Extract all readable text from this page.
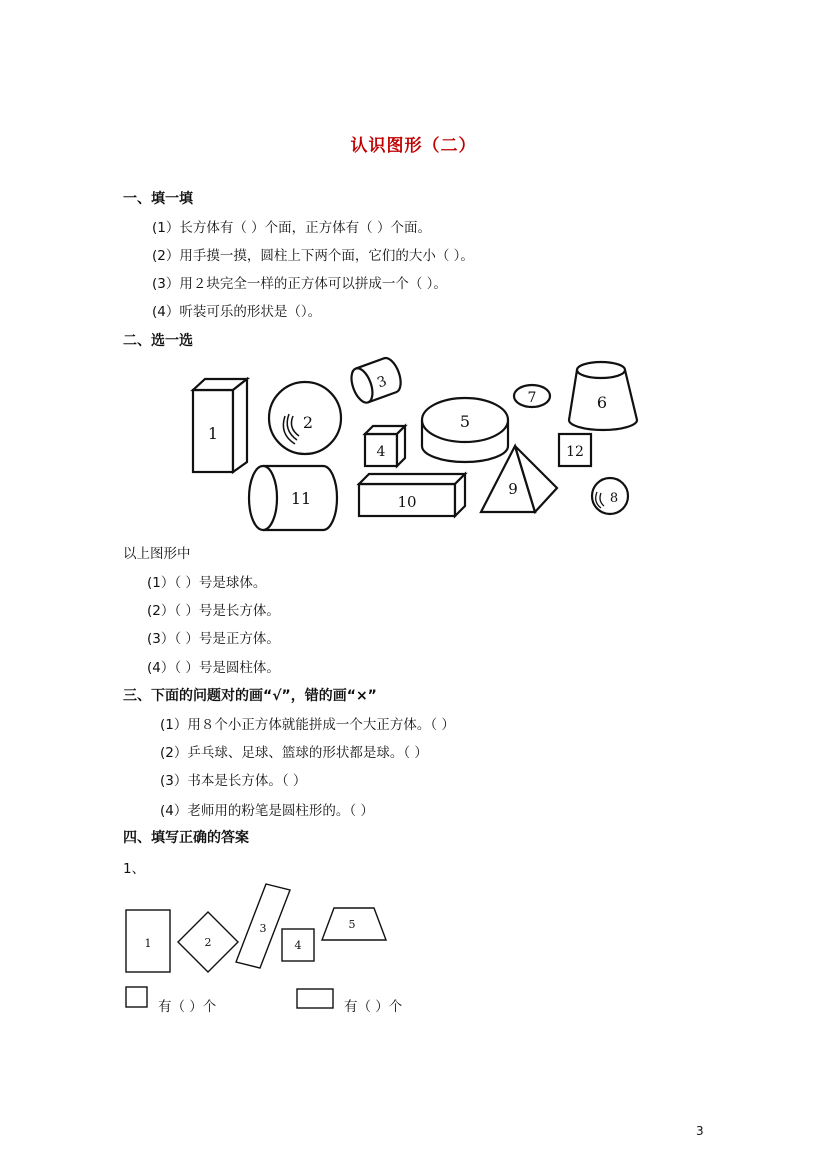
认识图形（二）
一、填一填
(1）长方体有（ ）个面，正方体有（ ）个面。
(2）用手摸一摸，圆柱上下两个面，它们的大小（ ）。
(3）用２块完全一样的正方体可以拼成一个（ ）。
(4）听装可乐的形状是（）。
二、选一选
1
2
3
4
5
6
7
12
11	10
9
8
以上图形中
(1）（ ）号是球体。
(2）（ ）号是长方体。
(3）（ ）号是正方体。
(4）（ ）号是圆柱体。
三、下面的问题对的画“√”，错的画“×”
(1）用８个小正方体就能拼成一个大正方体。（ ）
(2）乒乓球、足球、篮球的形状都是球。（ ）
(3）书本是长方体。（ ）
(4）老师用的粉笔是圆柱形的。（ ）
四、填写正确的答案
1、
1	2
3
4
5
有（ ）个	有（ ）个
3
